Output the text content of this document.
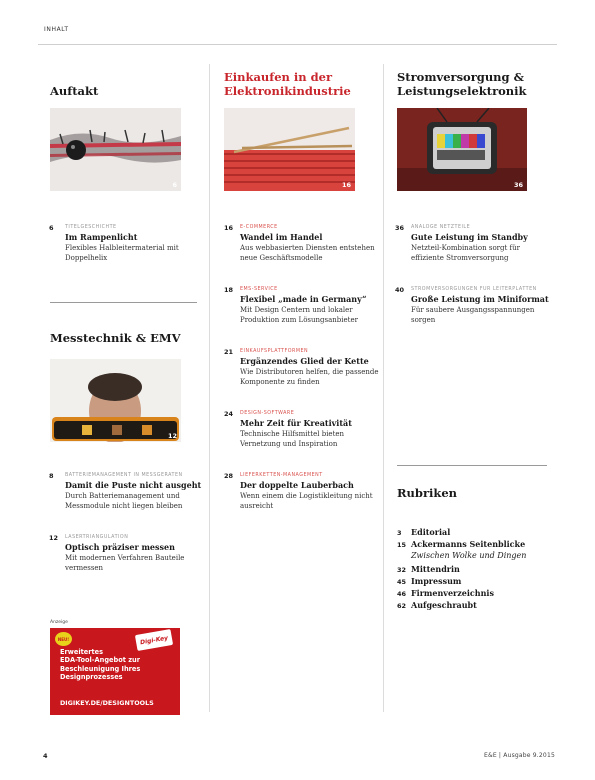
INHALT
Auftakt
6
6 TITELGESCHICHTE
Im Rampenlicht
Flexibles Halbleitermaterial mit Doppelhelix
Messtechnik & EMV
12
8 BATTERIEMANAGEMENT IN MESSGERÄTEN
Damit die Puste nicht ausgeht
Durch Batteriemanagement und Messmodule nicht liegen bleiben
12 LASERTRIANGULATION
Optisch präziser messen
Mit modernen Verfahren Bauteile vermessen
Anzeige
NEU!	Digi-Key
Erweitertes
EDA-Tool-Angebot zur
Beschleunigung Ihres
Designprozesses
DIGIKEY.DE/DESIGNTOOLS
Einkaufen in der Elektronikindustrie
16
16 E-COMMERCE
Wandel im Handel
Aus webbasierten Diensten entstehen neue Geschäftsmodelle
18 EMS-SERVICE
Flexibel „made in Germany“
Mit Design Centern und lokaler Produktion zum Lösungsanbieter
21 EINKAUFSPLATTFORMEN
Ergänzendes Glied der Kette
Wie Distributoren helfen, die passende Komponente zu finden
24 DESIGN-SOFTWARE
Mehr Zeit für Kreativität
Technische Hilfsmittel bieten Vernetzung und Inspiration
28 LIEFERKETTEN-MANAGEMENT
Der doppelte Lauberbach
Wenn einem die Logistikleitung nicht ausreicht
Stromversorgung & Leistungselektronik
36
36 ANALOGE NETZTEILE
Gute Leistung im Standby
Netzteil-Kombination sorgt für effiziente Stromversorgung
40 STROMVERSORGUNGEN FÜR LEITERPLATTEN
Große Leistung im Miniformat
Für saubere Ausgangsspannungen sorgen
Rubriken
3 Editorial
15 Ackermanns Seitenblicke
Zwischen Wolke und Dingen
32 Mittendrin
45 Impressum
46 Firmenverzeichnis
62 Aufgeschraubt
4	E&E | Ausgabe 9.2015
